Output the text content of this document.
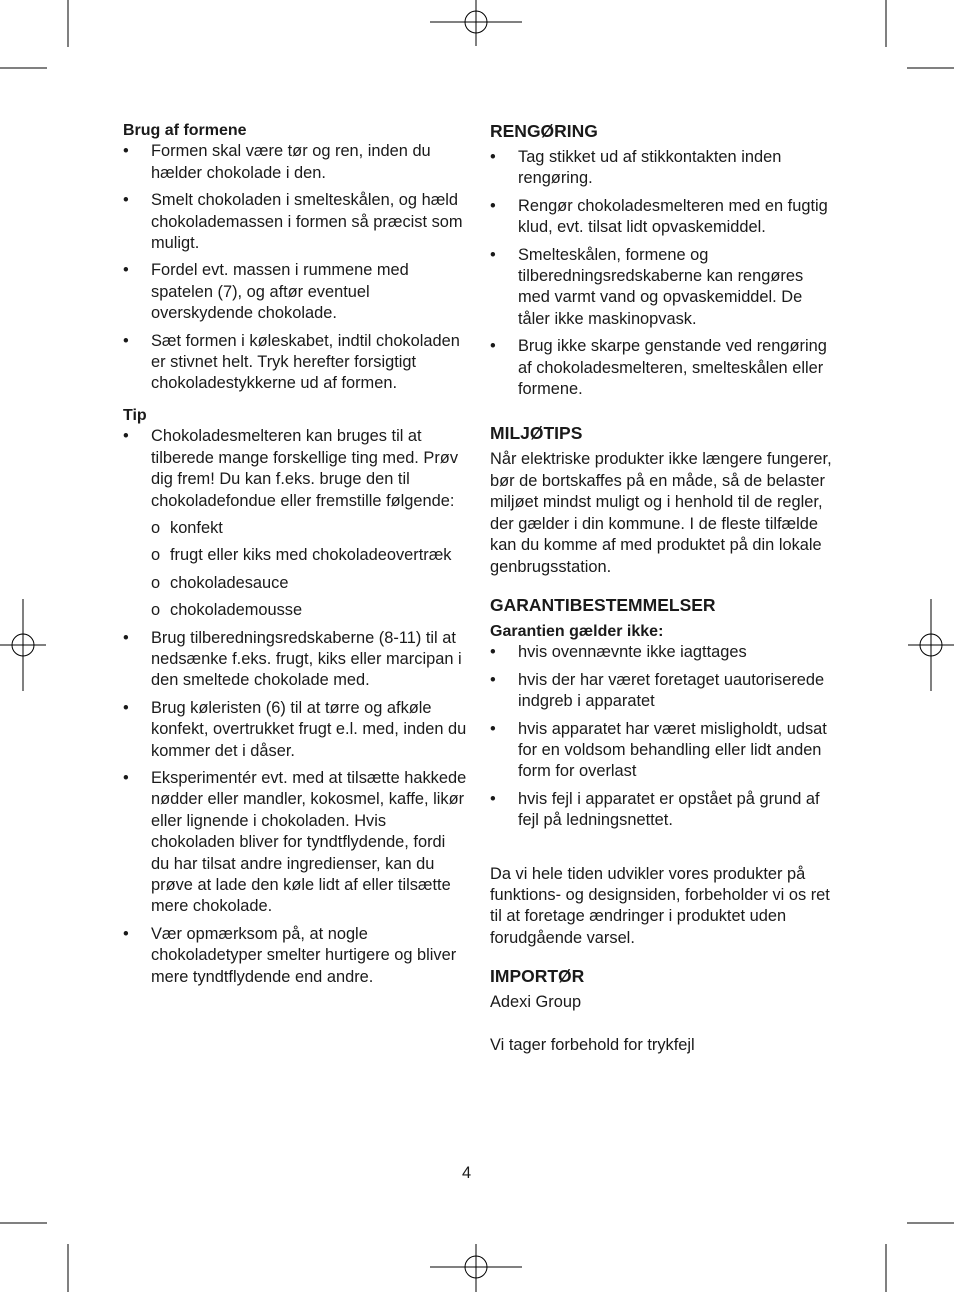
Brug af formene

• Formen skal være tør og ren, inden du hælder chokolade i den.
• Smelt chokoladen i smelteskålen, og hæld chokolademassen i formen så præcist som muligt.
• Fordel evt. massen i rummene med spatelen (7), og aftør eventuel overskydende chokolade.
• Sæt formen i køleskabet, indtil chokoladen er stivnet helt. Tryk herefter forsigtigt chokoladestykkerne ud af formen.

Tip

• Chokoladesmelteren kan bruges til at tilberede mange forskellige ting med. Prøv dig frem! Du kan f.eks. bruge den til chokoladefondue eller fremstille følgende:
o konfekt
o frugt eller kiks med chokoladeovertræk
o chokoladesauce
o chokolademousse
• Brug tilberedningsredskaberne (8-11) til at nedsænke f.eks. frugt, kiks eller marcipan i den smeltede chokolade med.
• Brug køleristen (6) til at tørre og afkøle konfekt, overtrukket frugt e.l. med, inden du kommer det i dåser.
• Eksperimentér evt. med at tilsætte hakkede nødder eller mandler, kokosmel, kaffe, likør eller lignende i chokoladen. Hvis chokoladen bliver for tyndtflydende, fordi du har tilsat andre ingredienser, kan du prøve at lade den køle lidt af eller tilsætte mere chokolade.
• Vær opmærksom på, at nogle chokoladetyper smelter hurtigere og bliver mere tyndtflydende end andre.

RENGØRING

• Tag stikket ud af stikkontakten inden rengøring.
• Rengør chokoladesmelteren med en fugtig klud, evt. tilsat lidt opvaskemiddel.
• Smelteskålen, formene og tilberedningsredskaberne kan rengøres med varmt vand og opvaskemiddel. De tåler ikke maskinopvask.
• Brug ikke skarpe genstande ved rengøring af chokoladesmelteren, smelteskålen eller formene.

MILJØTIPS

Når elektriske produkter ikke længere fungerer, bør de bortskaffes på en måde, så de belaster miljøet mindst muligt og i henhold til de regler, der gælder i din kommune. I de fleste tilfælde kan du komme af med produktet på din lokale genbrugsstation.

GARANTIBESTEMMELSER

Garantien gælder ikke:

• hvis ovennævnte ikke iagttages
• hvis der har været foretaget uautoriserede indgreb i apparatet
• hvis apparatet har været misligholdt, udsat for en voldsom behandling eller lidt anden form for overlast
• hvis fejl i apparatet er opstået på grund af fejl på ledningsnettet.

Da vi hele tiden udvikler vores produkter på funktions- og designsiden, forbeholder vi os ret til at foretage ændringer i produktet uden forudgående varsel.

IMPORTØR

Adexi Group

Vi tager forbehold for trykfejl

4
